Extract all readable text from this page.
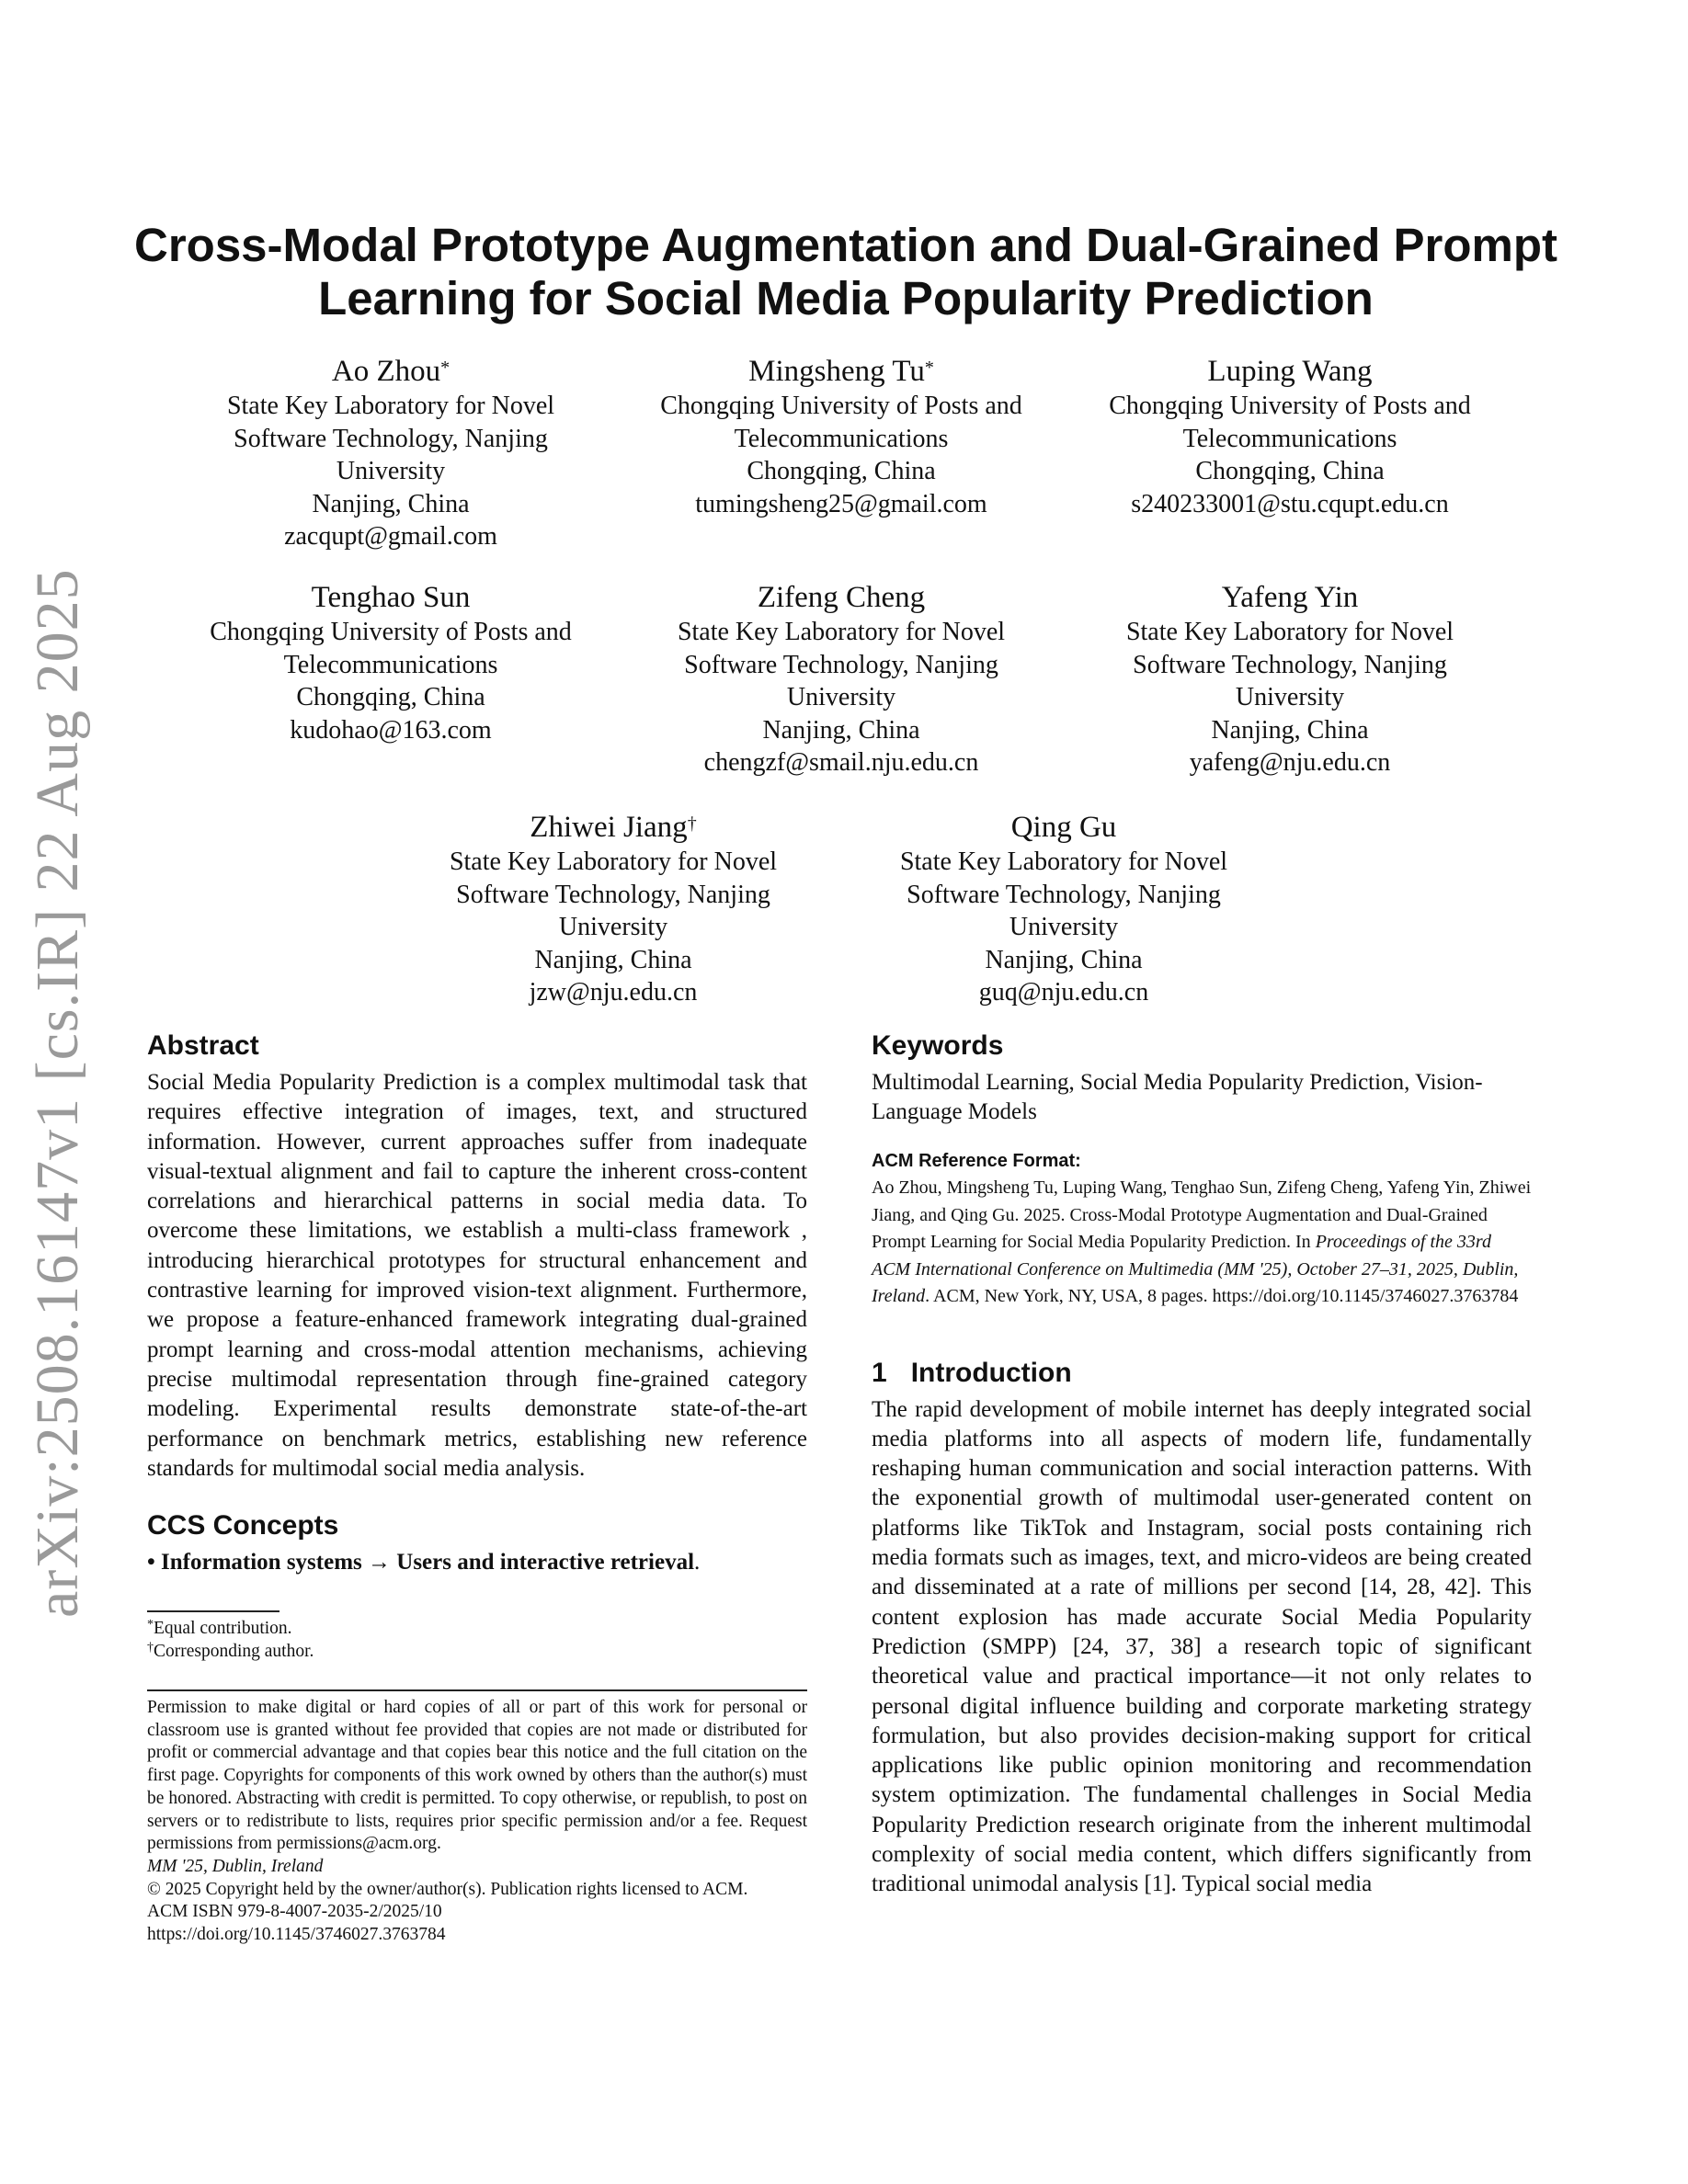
arXiv:2508.16147v1 [cs.IR] 22 Aug 2025
Cross-Modal Prototype Augmentation and Dual-Grained Prompt Learning for Social Media Popularity Prediction
Ao Zhou*
State Key Laboratory for Novel
Software Technology, Nanjing
University
Nanjing, China
zacqupt@gmail.com
Mingsheng Tu*
Chongqing University of Posts and
Telecommunications
Chongqing, China
tumingsheng25@gmail.com
Luping Wang
Chongqing University of Posts and
Telecommunications
Chongqing, China
s240233001@stu.cqupt.edu.cn
Tenghao Sun
Chongqing University of Posts and
Telecommunications
Chongqing, China
kudohao@163.com
Zifeng Cheng
State Key Laboratory for Novel
Software Technology, Nanjing
University
Nanjing, China
chengzf@smail.nju.edu.cn
Yafeng Yin
State Key Laboratory for Novel
Software Technology, Nanjing
University
Nanjing, China
yafeng@nju.edu.cn
Zhiwei Jiang†
State Key Laboratory for Novel
Software Technology, Nanjing
University
Nanjing, China
jzw@nju.edu.cn
Qing Gu
State Key Laboratory for Novel
Software Technology, Nanjing
University
Nanjing, China
guq@nju.edu.cn
Abstract
Social Media Popularity Prediction is a complex multimodal task that requires effective integration of images, text, and structured information. However, current approaches suffer from inadequate visual-textual alignment and fail to capture the inherent cross-content correlations and hierarchical patterns in social media data. To overcome these limitations, we establish a multi-class framework , introducing hierarchical prototypes for structural enhancement and contrastive learning for improved vision-text alignment. Furthermore, we propose a feature-enhanced framework integrating dual-grained prompt learning and cross-modal attention mechanisms, achieving precise multimodal representation through fine-grained category modeling. Experimental results demonstrate state-of-the-art performance on benchmark metrics, establishing new reference standards for multimodal social media analysis.
CCS Concepts
• Information systems → Users and interactive retrieval.
*Equal contribution.
†Corresponding author.
Permission to make digital or hard copies of all or part of this work for personal or classroom use is granted without fee provided that copies are not made or distributed for profit or commercial advantage and that copies bear this notice and the full citation on the first page. Copyrights for components of this work owned by others than the author(s) must be honored. Abstracting with credit is permitted. To copy otherwise, or republish, to post on servers or to redistribute to lists, requires prior specific permission and/or a fee. Request permissions from permissions@acm.org.
MM '25, Dublin, Ireland
© 2025 Copyright held by the owner/author(s). Publication rights licensed to ACM.
ACM ISBN 979-8-4007-2035-2/2025/10
https://doi.org/10.1145/3746027.3763784
Keywords
Multimodal Learning, Social Media Popularity Prediction, Vision-Language Models
ACM Reference Format:
Ao Zhou, Mingsheng Tu, Luping Wang, Tenghao Sun, Zifeng Cheng, Yafeng Yin, Zhiwei Jiang, and Qing Gu. 2025. Cross-Modal Prototype Augmentation and Dual-Grained Prompt Learning for Social Media Popularity Prediction. In Proceedings of the 33rd ACM International Conference on Multimedia (MM '25), October 27–31, 2025, Dublin, Ireland. ACM, New York, NY, USA, 8 pages. https://doi.org/10.1145/3746027.3763784
1 Introduction
The rapid development of mobile internet has deeply integrated social media platforms into all aspects of modern life, fundamentally reshaping human communication and social interaction patterns. With the exponential growth of multimodal user-generated content on platforms like TikTok and Instagram, social posts containing rich media formats such as images, text, and micro-videos are being created and disseminated at a rate of millions per second [14, 28, 42]. This content explosion has made accurate Social Media Popularity Prediction (SMPP) [24, 37, 38] a research topic of significant theoretical value and practical importance—it not only relates to personal digital influence building and corporate marketing strategy formulation, but also provides decision-making support for critical applications like public opinion monitoring and recommendation system optimization. The fundamental challenges in Social Media Popularity Prediction research originate from the inherent multimodal complexity of social media content, which differs significantly from traditional unimodal analysis [1]. Typical social media
